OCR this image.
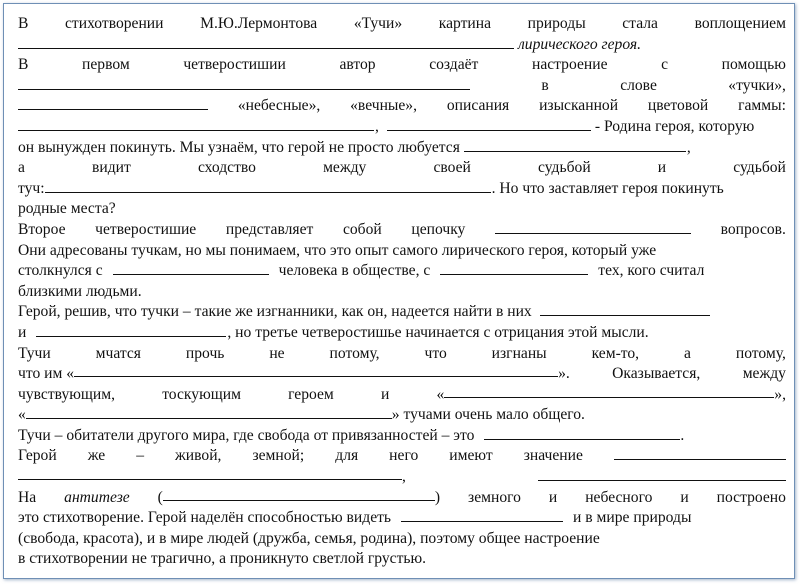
В стихотворении М.Ю.Лермонтова «Тучи» картина природы стала воплощением
лирического героя.
В	первом	четверостишии	автор	создаёт	настроение	с	помощью
в	слове	«тучки»,
«небесные», «вечные», описания изысканной цветовой гаммы:
,	- Родина героя, которую
он вынужден покинуть. Мы узнаём, что герой не просто любуется	,
а	видит	сходство	между	своей	судьбой	и	судьбой
туч:	. Но что заставляет героя покинуть
родные места?
Второе четверостишие представляет собой цепочку	вопросов.
Они адресованы тучкам, но мы понимаем, что это опыт самого лирического героя, который уже
столкнулся с	человека в обществе, с	тех, кого считал
близкими людьми.
Герой, решив, что тучки – такие же изгнанники, как он, надеется найти в них
и	, но третье четверостишье начинается с отрицания этой мысли.
Тучи	мчатся	прочь	не	потому,	что	изгнаны	кем-то,	а	потому,
что им «	».	Оказывается,	между
чувствующим,	тоскующим	героем	и	«	»,
«	» тучами очень мало общего.
Тучи – обитатели другого мира, где свобода от привязанностей – это	.
Герой же – живой, земной; для него имеют значение
,
На антитезе (	) земного и небесного и построено
это стихотворение. Герой наделён способностью видеть	и в мире природы
(свобода, красота), и в мире людей (дружба, семья, родина), поэтому общее настроение
в стихотворении не трагично, а проникнуто светлой грустью.
